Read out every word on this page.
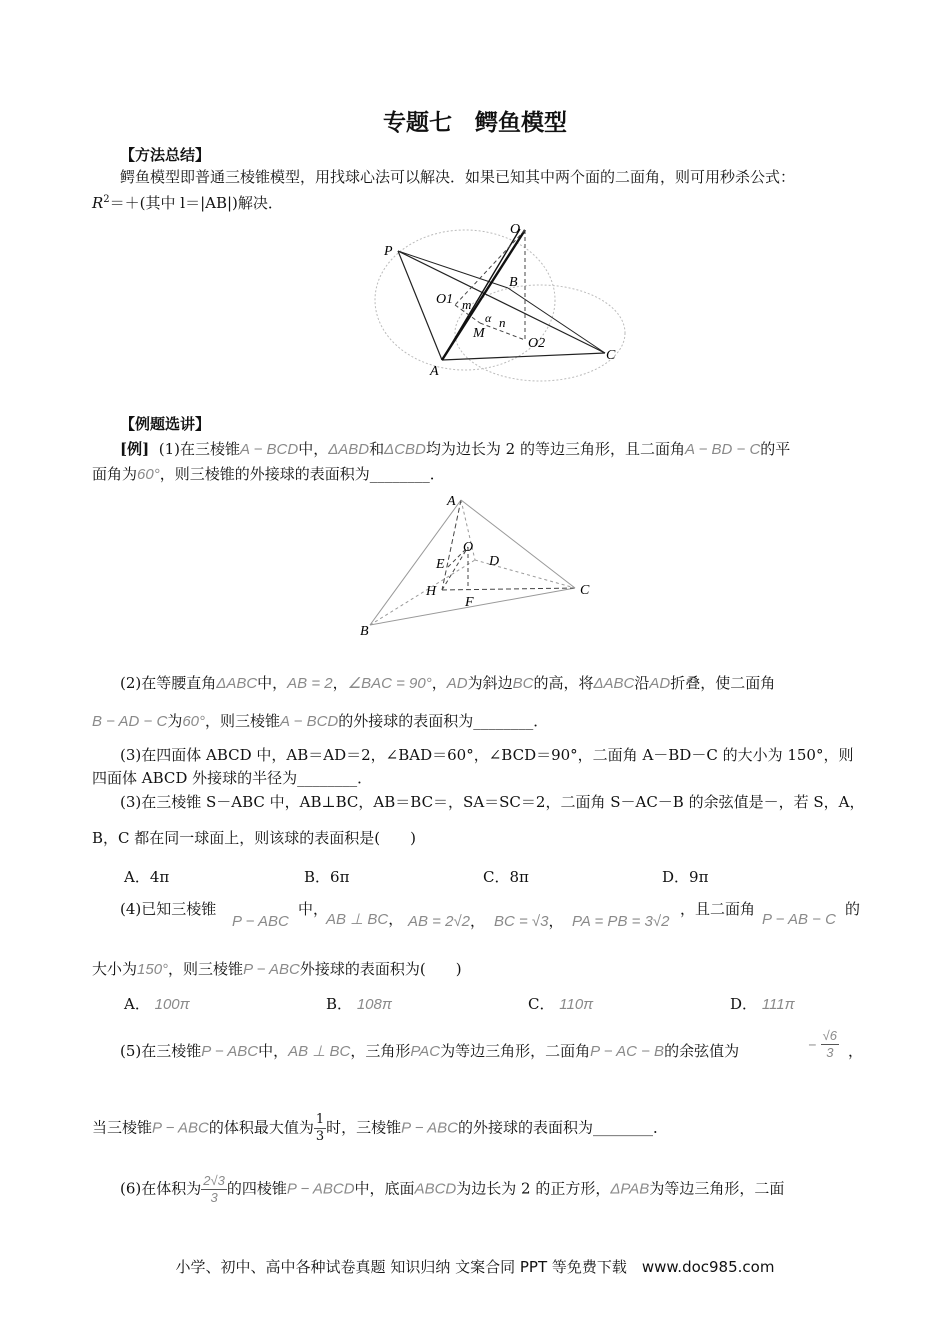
专题七　鳄鱼模型
【方法总结】
鳄鱼模型即普通三棱锥模型，用找球心法可以解决．如果已知其中两个面的二面角，则可用秒杀公式：
$R^2=+$(其中 l＝|AB|)解决．
P
O
B
O1 m
α n
M
O2
C
A
【例题选讲】
[例] (1)在三棱锥A − BCD中，ΔABD和ΔCBD均为边长为 2 的等边三角形，且二面角A − BD − C的平
面角为60°，则三棱锥的外接球的表面积为________．
A
O
E	D
H
F
C
B
(2)在等腰直角ΔABC中，AB = 2，∠BAC = 90°，AD为斜边BC的高，将ΔABC沿AD折叠，使二面角
B − AD − C为60°，则三棱锥A − BCD的外接球的表面积为________．
(3)在四面体 ABCD 中，AB＝AD＝2，∠BAD＝60°，∠BCD＝90°，二面角 A－BD－C 的大小为 150°，则
四面体 ABCD 外接球的半径为________．
(3)在三棱锥 S－ABC 中，AB⊥BC，AB＝BC＝，SA＝SC＝2，二面角 S－AC－B 的余弦值是－，若 S，A，
B，C 都在同一球面上，则该球的表面积是(　　)
A．4π	B．6π	C．8π	D．9π
(4)已知三棱锥
P − ABC
中，
AB ⊥ BC， AB = 2√2， BC = √3， PA = PB = 3√2
，且二面角
P − AB − C
的
大小为150°，则三棱锥P − ABC外接球的表面积为(　　)
A． 100π	B． 108π	C． 110π	D． 111π
(5)在三棱锥P − ABC中，AB ⊥ BC，三角形PAC为等边三角形，二面角P − AC − B的余弦值为	− $\frac{√6}{3}$ ，
当三棱锥P − ABC的体积最大值为 $\frac{1}{3}$ 时，三棱锥P − ABC的外接球的表面积为________．
(6)在体积为 $\frac{2√3}{3}$ 的四棱锥P − ABCD中，底面ABCD为边长为 2 的正方形，ΔPAB为等边三角形，二面
小学、初中、高中各种试卷真题 知识归纳 文案合同 PPT 等免费下载　www.doc985.com
